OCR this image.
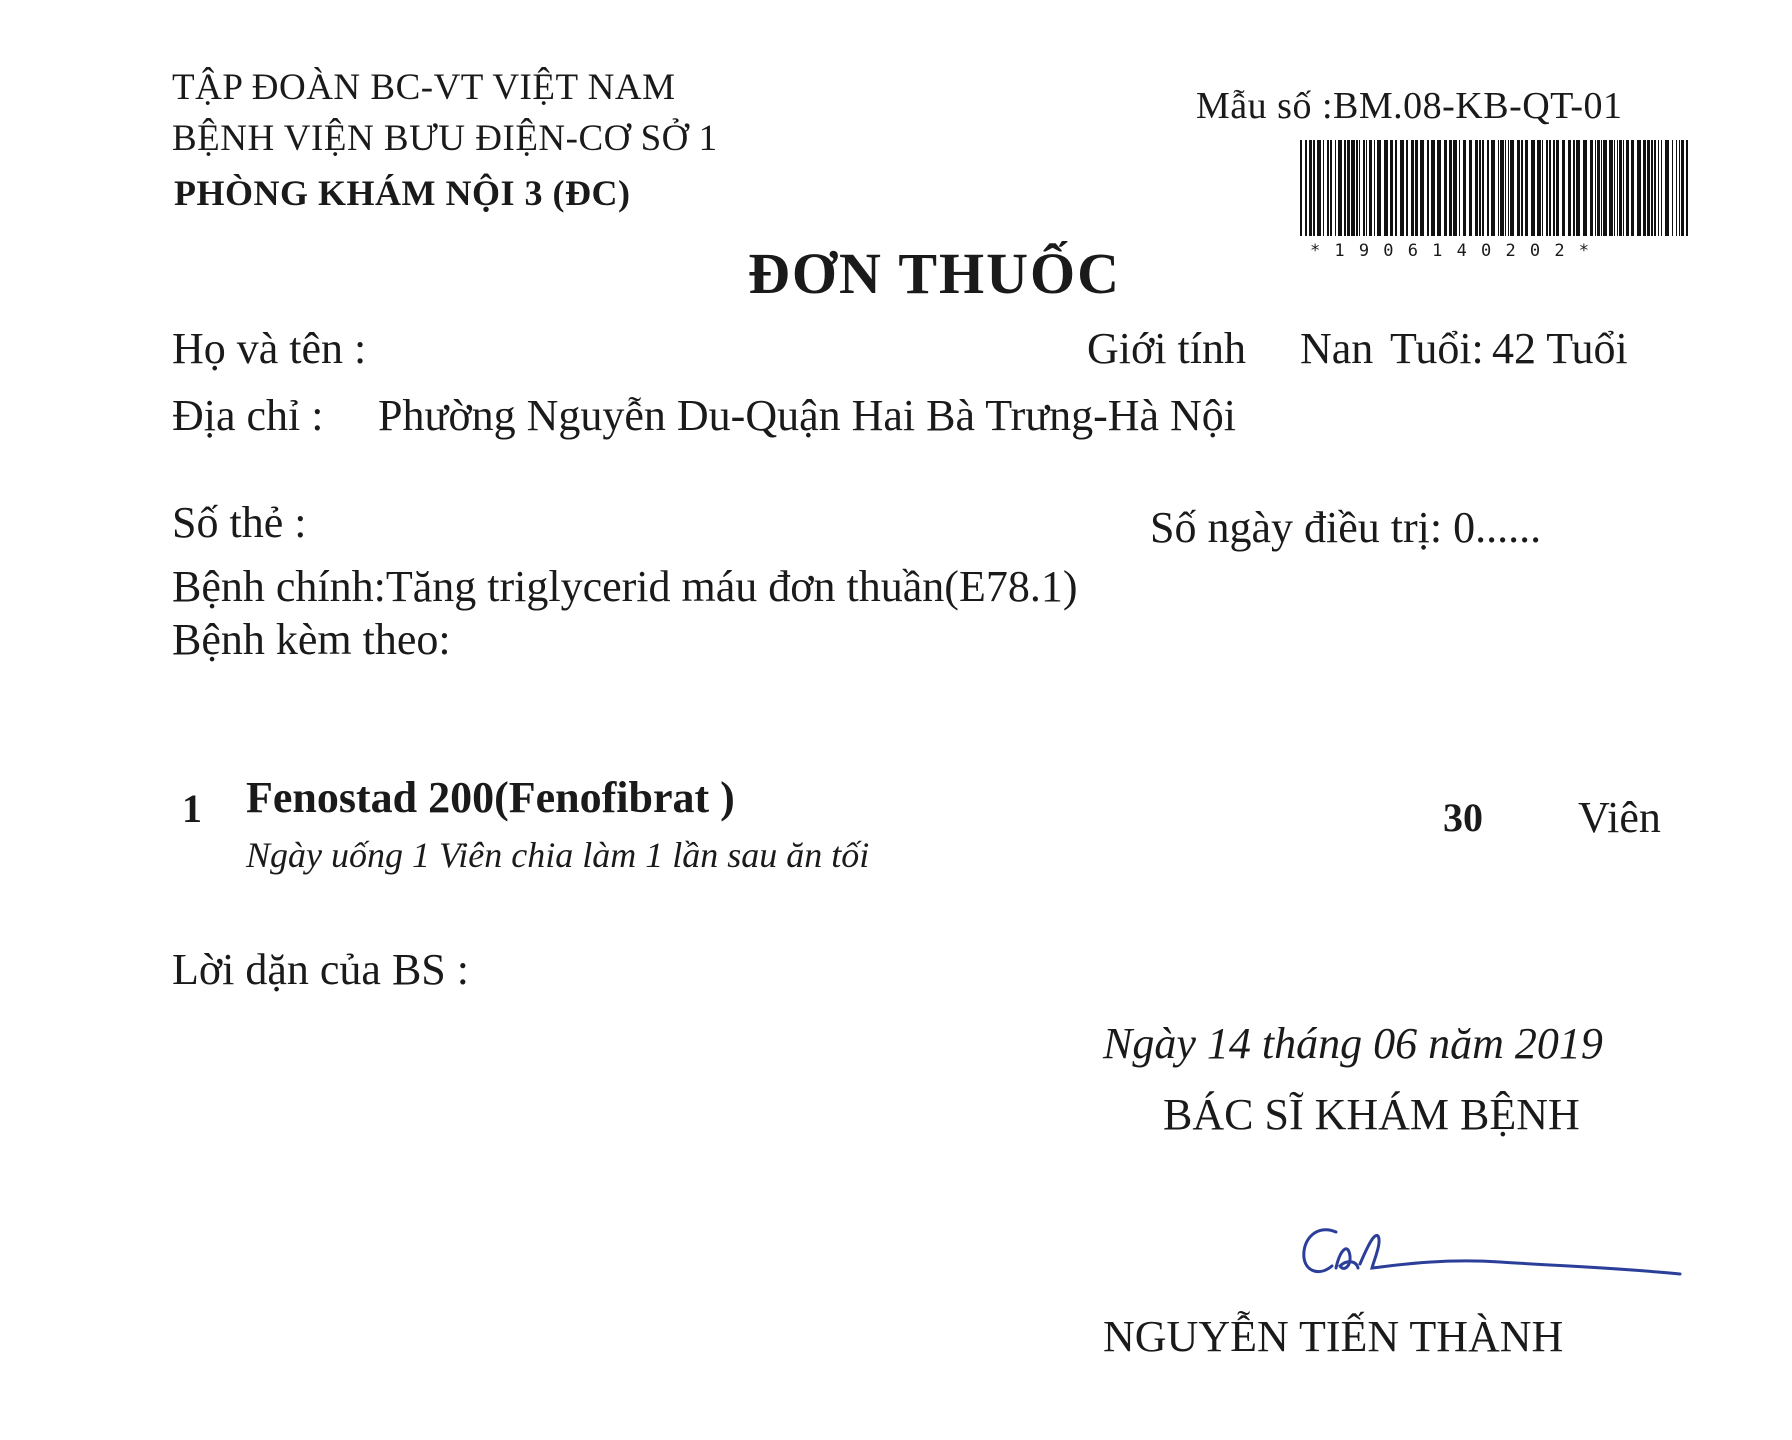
TẬP ĐOÀN BC-VT VIỆT NAM
BỆNH VIỆN BƯU ĐIỆN-CƠ SỞ 1
PHÒNG KHÁM NỘI 3 (ĐC)
Mẫu số :BM.08-KB-QT-01
*1906140202*
ĐƠN THUỐC
Họ và tên :	Giới tính Nan Tuổi: 42 Tuổi
Địa chỉ : Phường Nguyễn Du-Quận Hai Bà Trưng-Hà Nội
Số thẻ :	Số ngày điều trị: 0......
Bệnh chính:Tăng triglycerid máu đơn thuần(E78.1)
Bệnh kèm theo:
1 Fenostad 200(Fenofibrat )
Ngày uống 1 Viên chia làm 1 lần sau ăn tối
30 Viên
Lời dặn của BS :
Ngày 14 tháng 06 năm 2019
BÁC SĨ KHÁM BỆNH
NGUYỄN TIẾN THÀNH
